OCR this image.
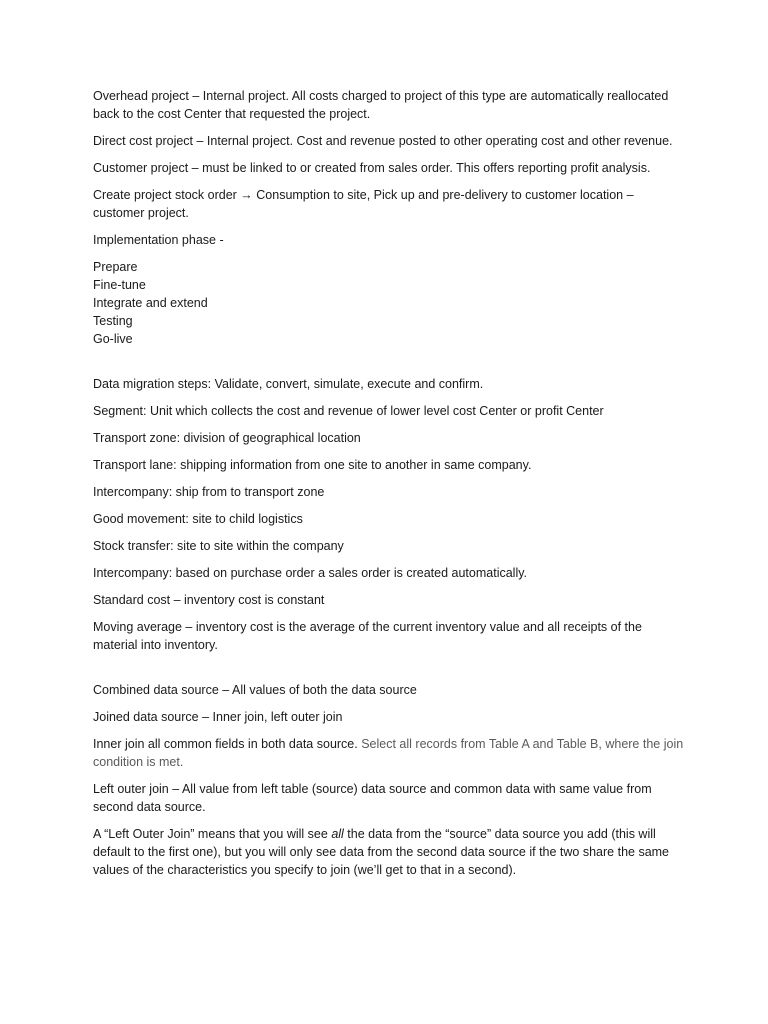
Overhead project – Internal project. All costs charged to project of this type are automatically reallocated back to the cost Center that requested the project.

Direct cost project – Internal project. Cost and revenue posted to other operating cost and other revenue.

Customer project – must be linked to or created from sales order. This offers reporting profit analysis.

Create project stock order → Consumption to site, Pick up and pre-delivery to customer location – customer project.

Implementation phase -

Prepare
Fine-tune
Integrate and extend
Testing
Go-live

Data migration steps: Validate, convert, simulate, execute and confirm.

Segment: Unit which collects the cost and revenue of lower level cost Center or profit Center

Transport zone: division of geographical location

Transport lane: shipping information from one site to another in same company.

Intercompany: ship from to transport zone

Good movement: site to child logistics

Stock transfer: site to site within the company

Intercompany: based on purchase order a sales order is created automatically.

Standard cost – inventory cost is constant

Moving average – inventory cost is the average of the current inventory value and all receipts of the material into inventory.

Combined data source – All values of both the data source

Joined data source – Inner join, left outer join

Inner join all common fields in both data source. Select all records from Table A and Table B, where the join condition is met.

Left outer join – All value from left table (source) data source and common data with same value from second data source.

A “Left Outer Join” means that you will see all the data from the “source” data source you add (this will default to the first one), but you will only see data from the second data source if the two share the same values of the characteristics you specify to join (we’ll get to that in a second).
